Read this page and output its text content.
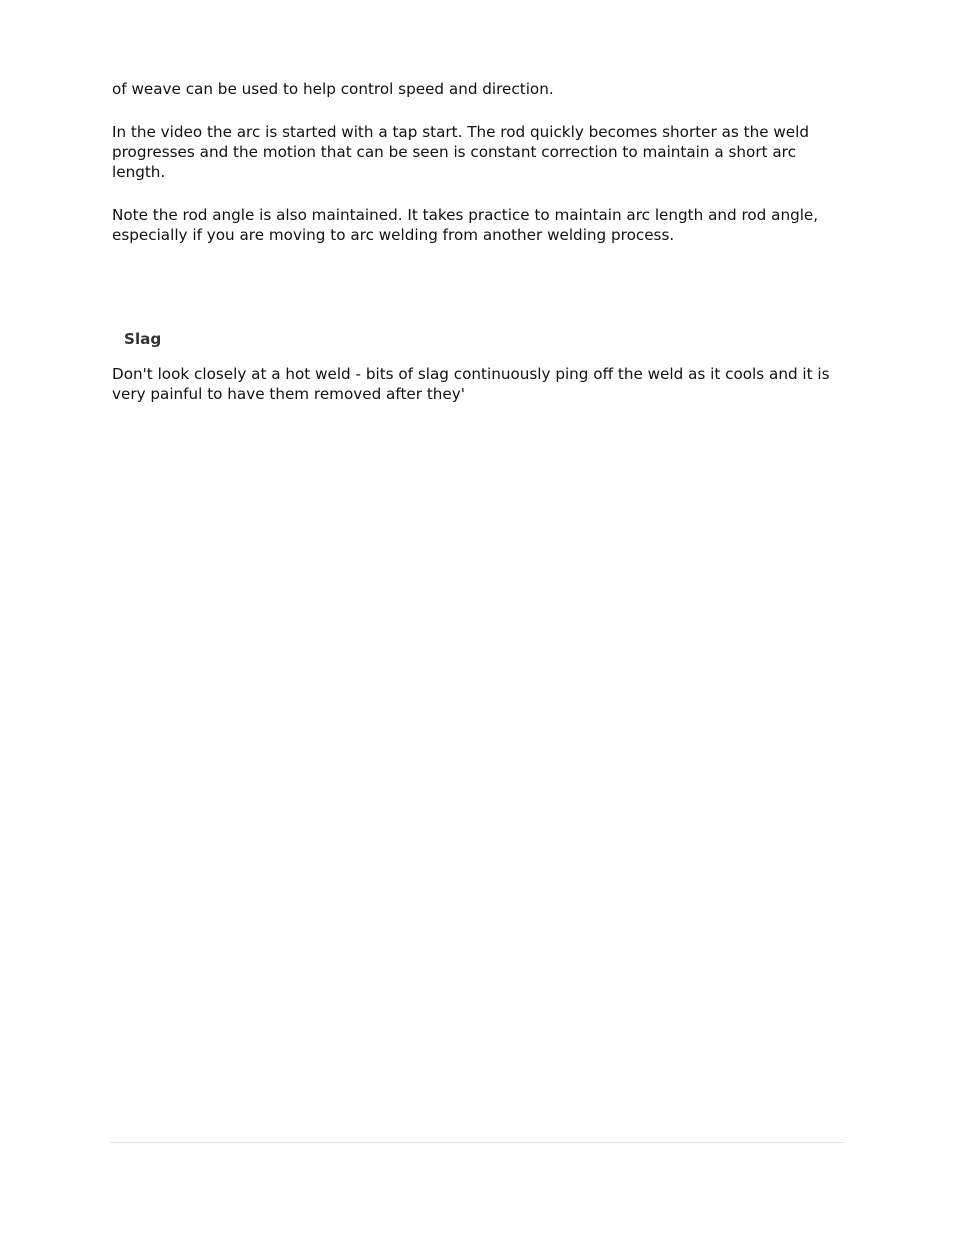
of weave can be used to help control speed and direction.

In the video the arc is started with a tap start. The rod quickly becomes shorter as the weld progresses and the motion that can be seen is constant correction to maintain a short arc length.

Note the rod angle is also maintained. It takes practice to maintain arc length and rod angle, especially if you are moving to arc welding from another welding process.

Slag

Don't look closely at a hot weld - bits of slag continuously ping off the weld as it cools and it is very painful to have them removed after they'
